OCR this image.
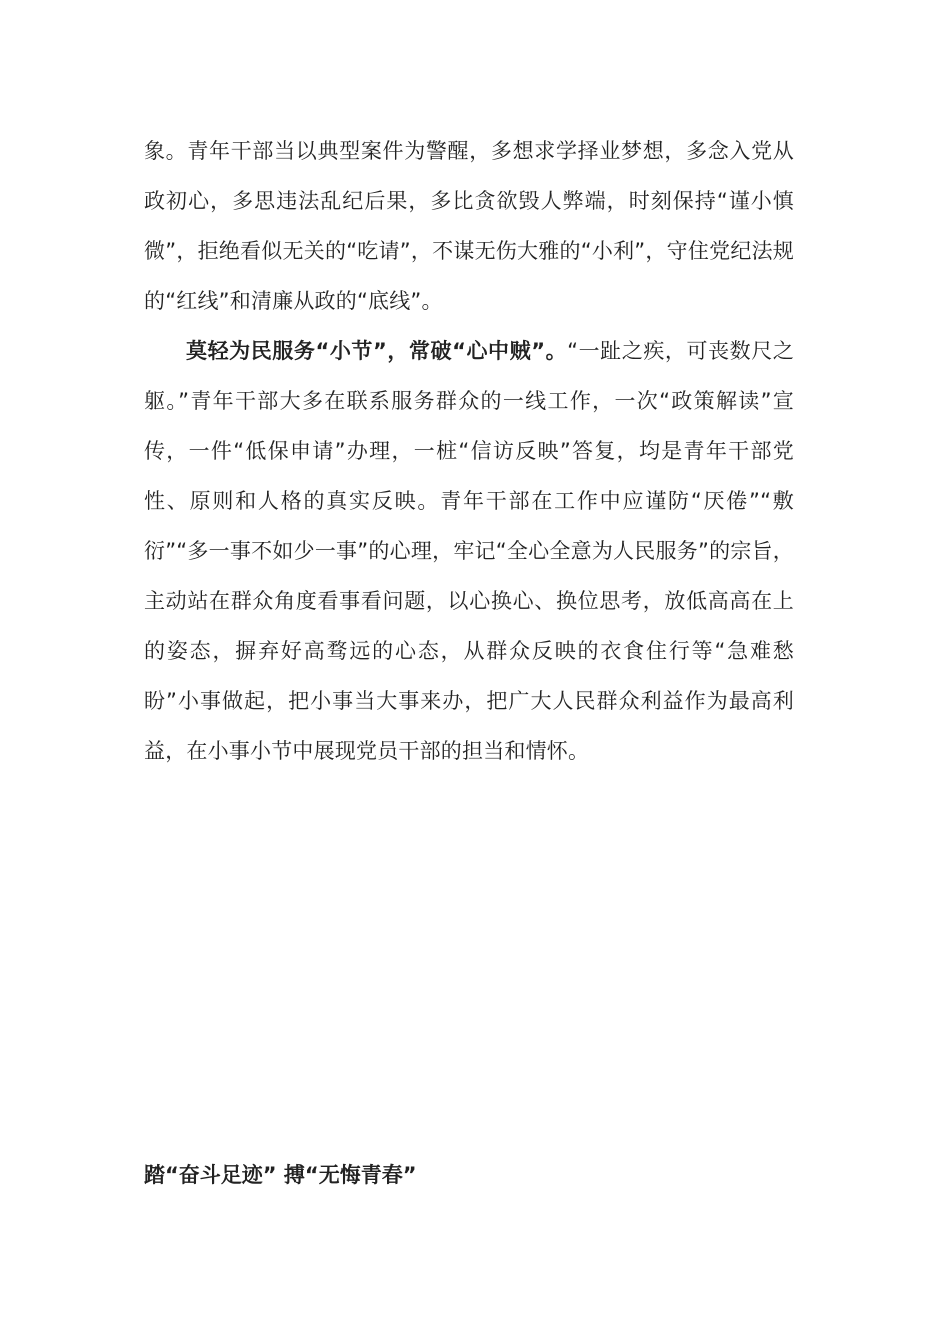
象。青年干部当以典型案件为警醒，多想求学择业梦想，多念入党从政初心，多思违法乱纪后果，多比贪欲毁人弊端，时刻保持“谨小慎微”，拒绝看似无关的“吃请”，不谋无伤大雅的“小利”，守住党纪法规的“红线”和清廉从政的“底线”。

莫轻为民服务“小节”，常破“心中贼”。“一趾之疾，可丧数尺之躯。”青年干部大多在联系服务群众的一线工作，一次“政策解读”宣传，一件“低保申请”办理，一桩“信访反映”答复，均是青年干部党性、原则和人格的真实反映。青年干部在工作中应谨防“厌倦”“敷衍”“多一事不如少一事”的心理，牢记“全心全意为人民服务”的宗旨，主动站在群众角度看事看问题，以心换心、换位思考，放低高高在上的姿态，摒弃好高骛远的心态，从群众反映的衣食住行等“急难愁盼”小事做起，把小事当大事来办，把广大人民群众利益作为最高利益，在小事小节中展现党员干部的担当和情怀。

踏“奋斗足迹” 搏“无悔青春”
